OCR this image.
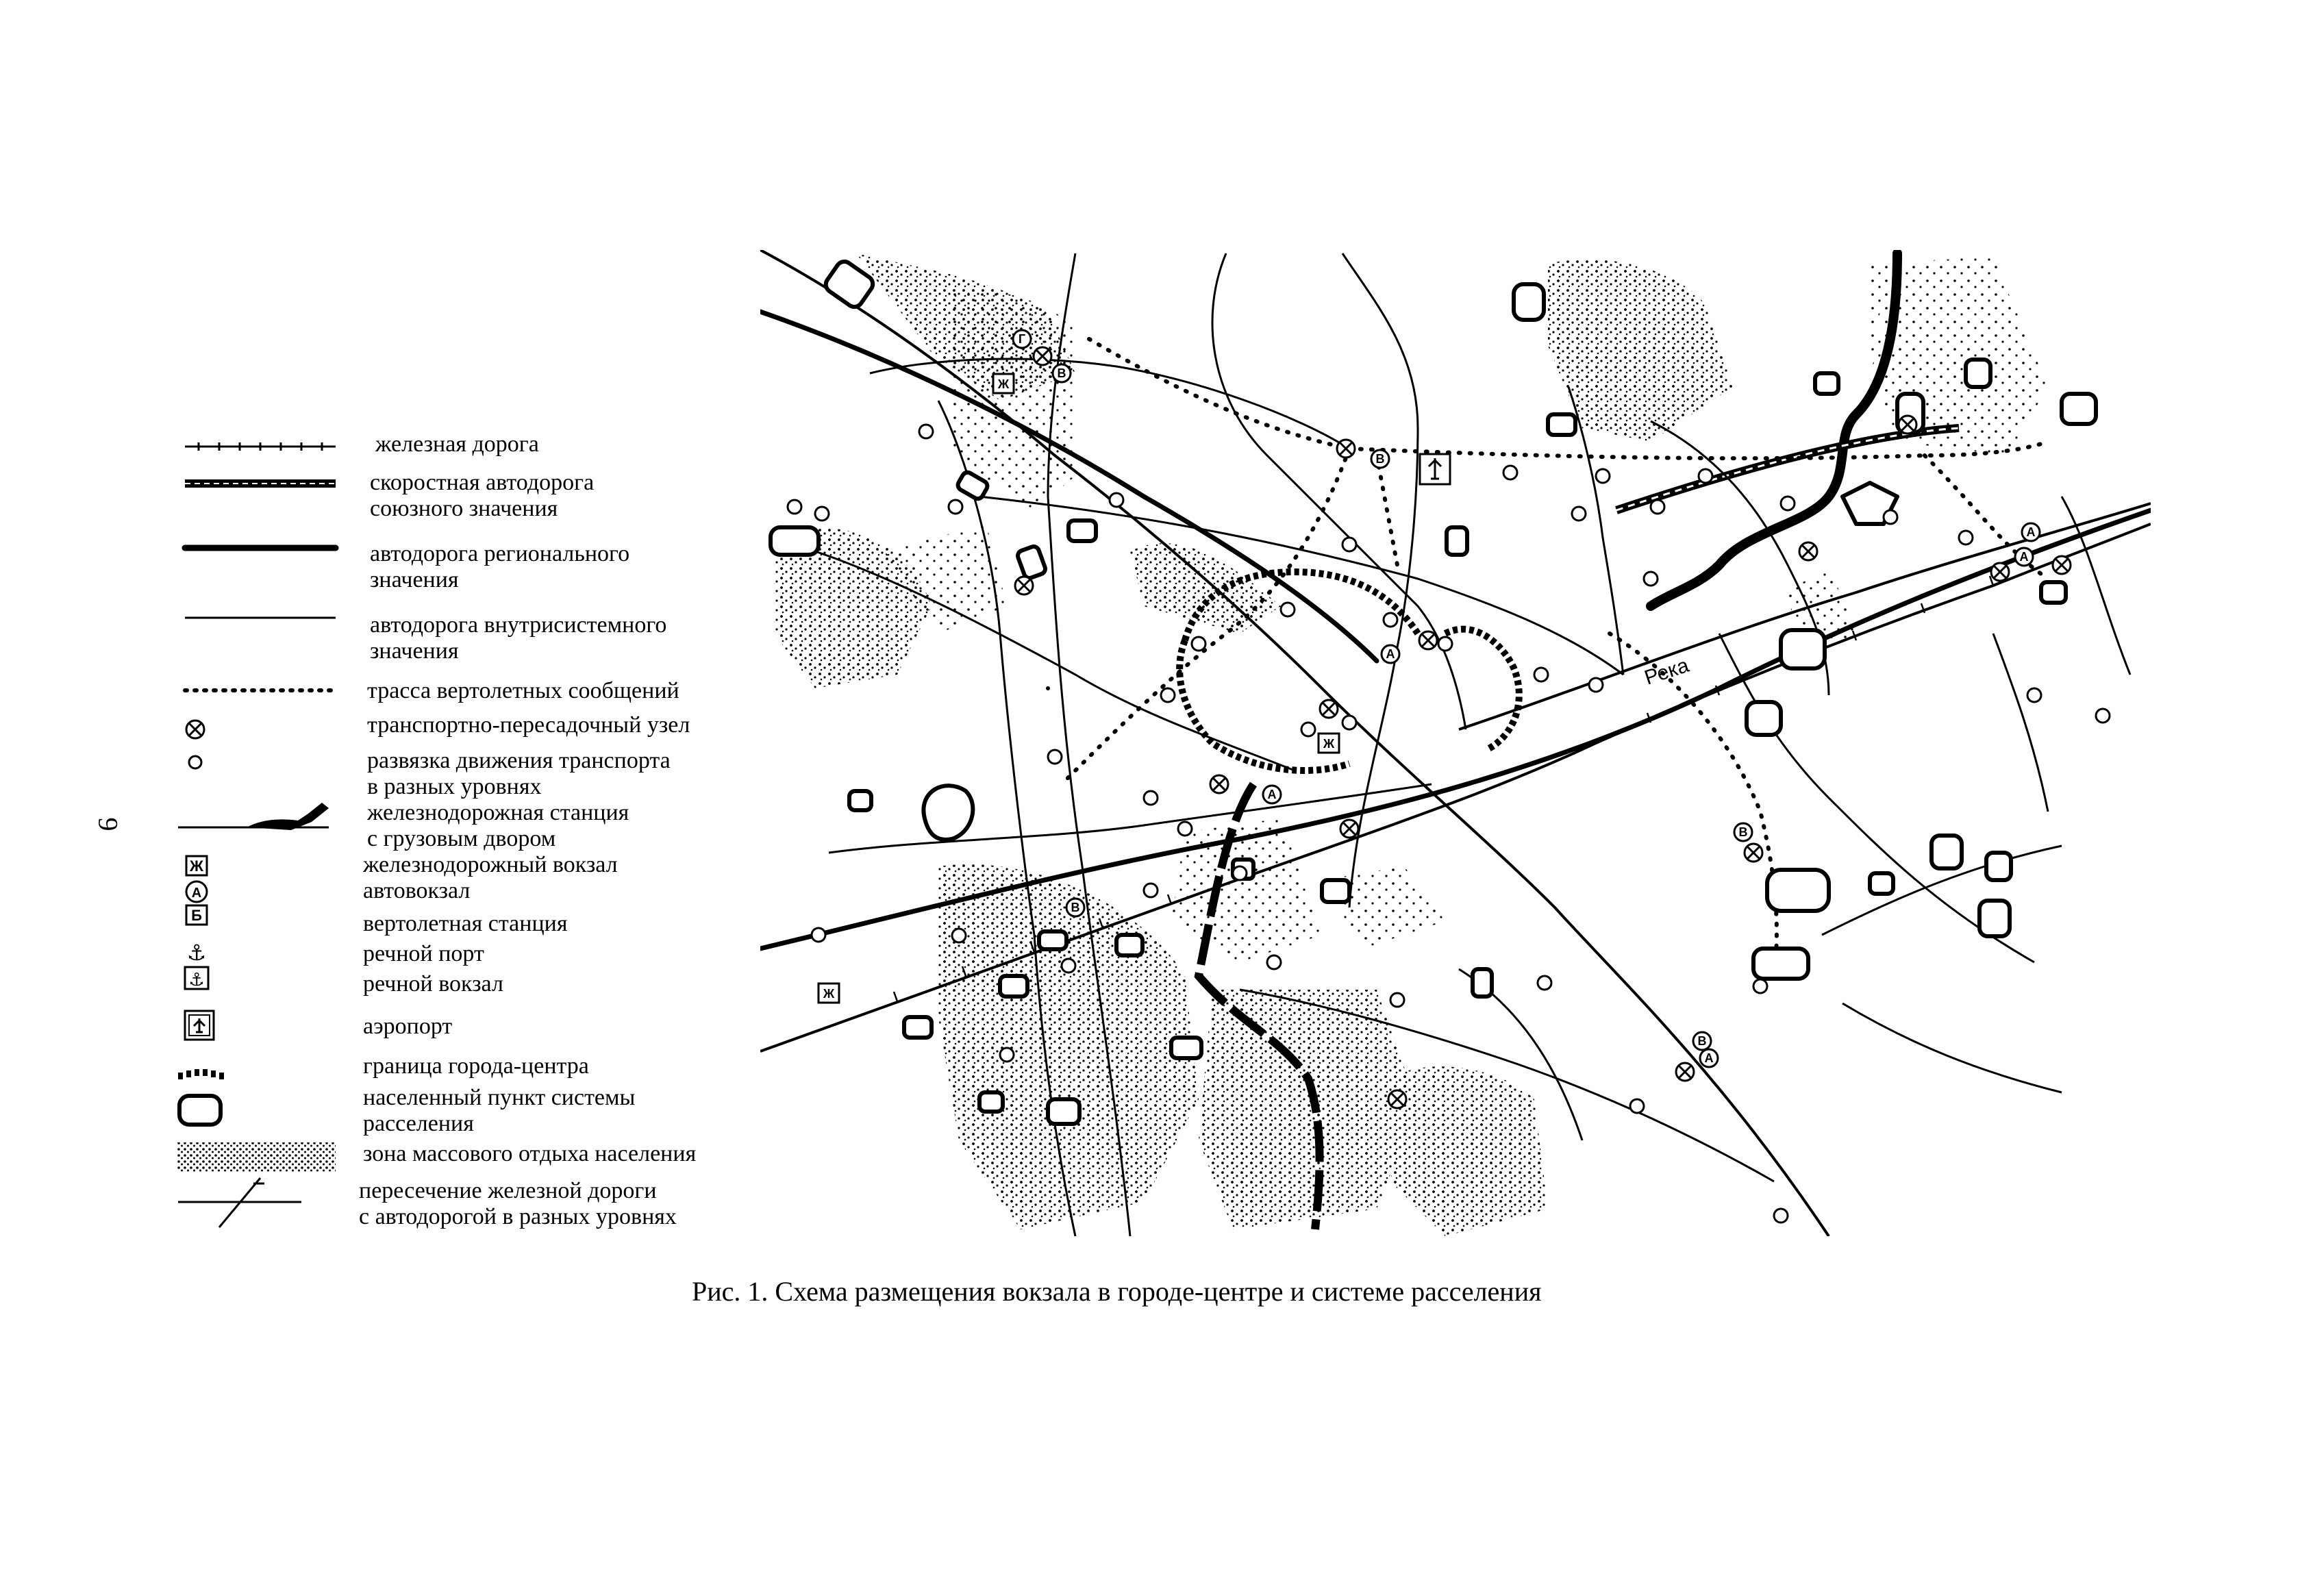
9
Ж
А
Б
⚓
⚓
железная дорога
скоростная автодорога
союзного значения
автодорога регионального
значения
автодорога внутрисистемного
значения
трасса вертолетных сообщений
транспортно-пересадочный узел
развязка движения транспорта
в разных уровнях
железнодорожная станция
с грузовым двором
железнодорожный вокзал
автовокзал
вертолетная станция
речной порт
речной вокзал
аэропорт
граница города-центра
населенный пункт системы
расселения
зона массового отдыха населения
пересечение железной дороги
с автодорогой в разных уровнях
Ж
Г
В
В
А
А
В
В
А
А
В
А
Ж
Ж
Река
Рис. 1. Схема размещения вокзала в городе-центре и системе расселения
